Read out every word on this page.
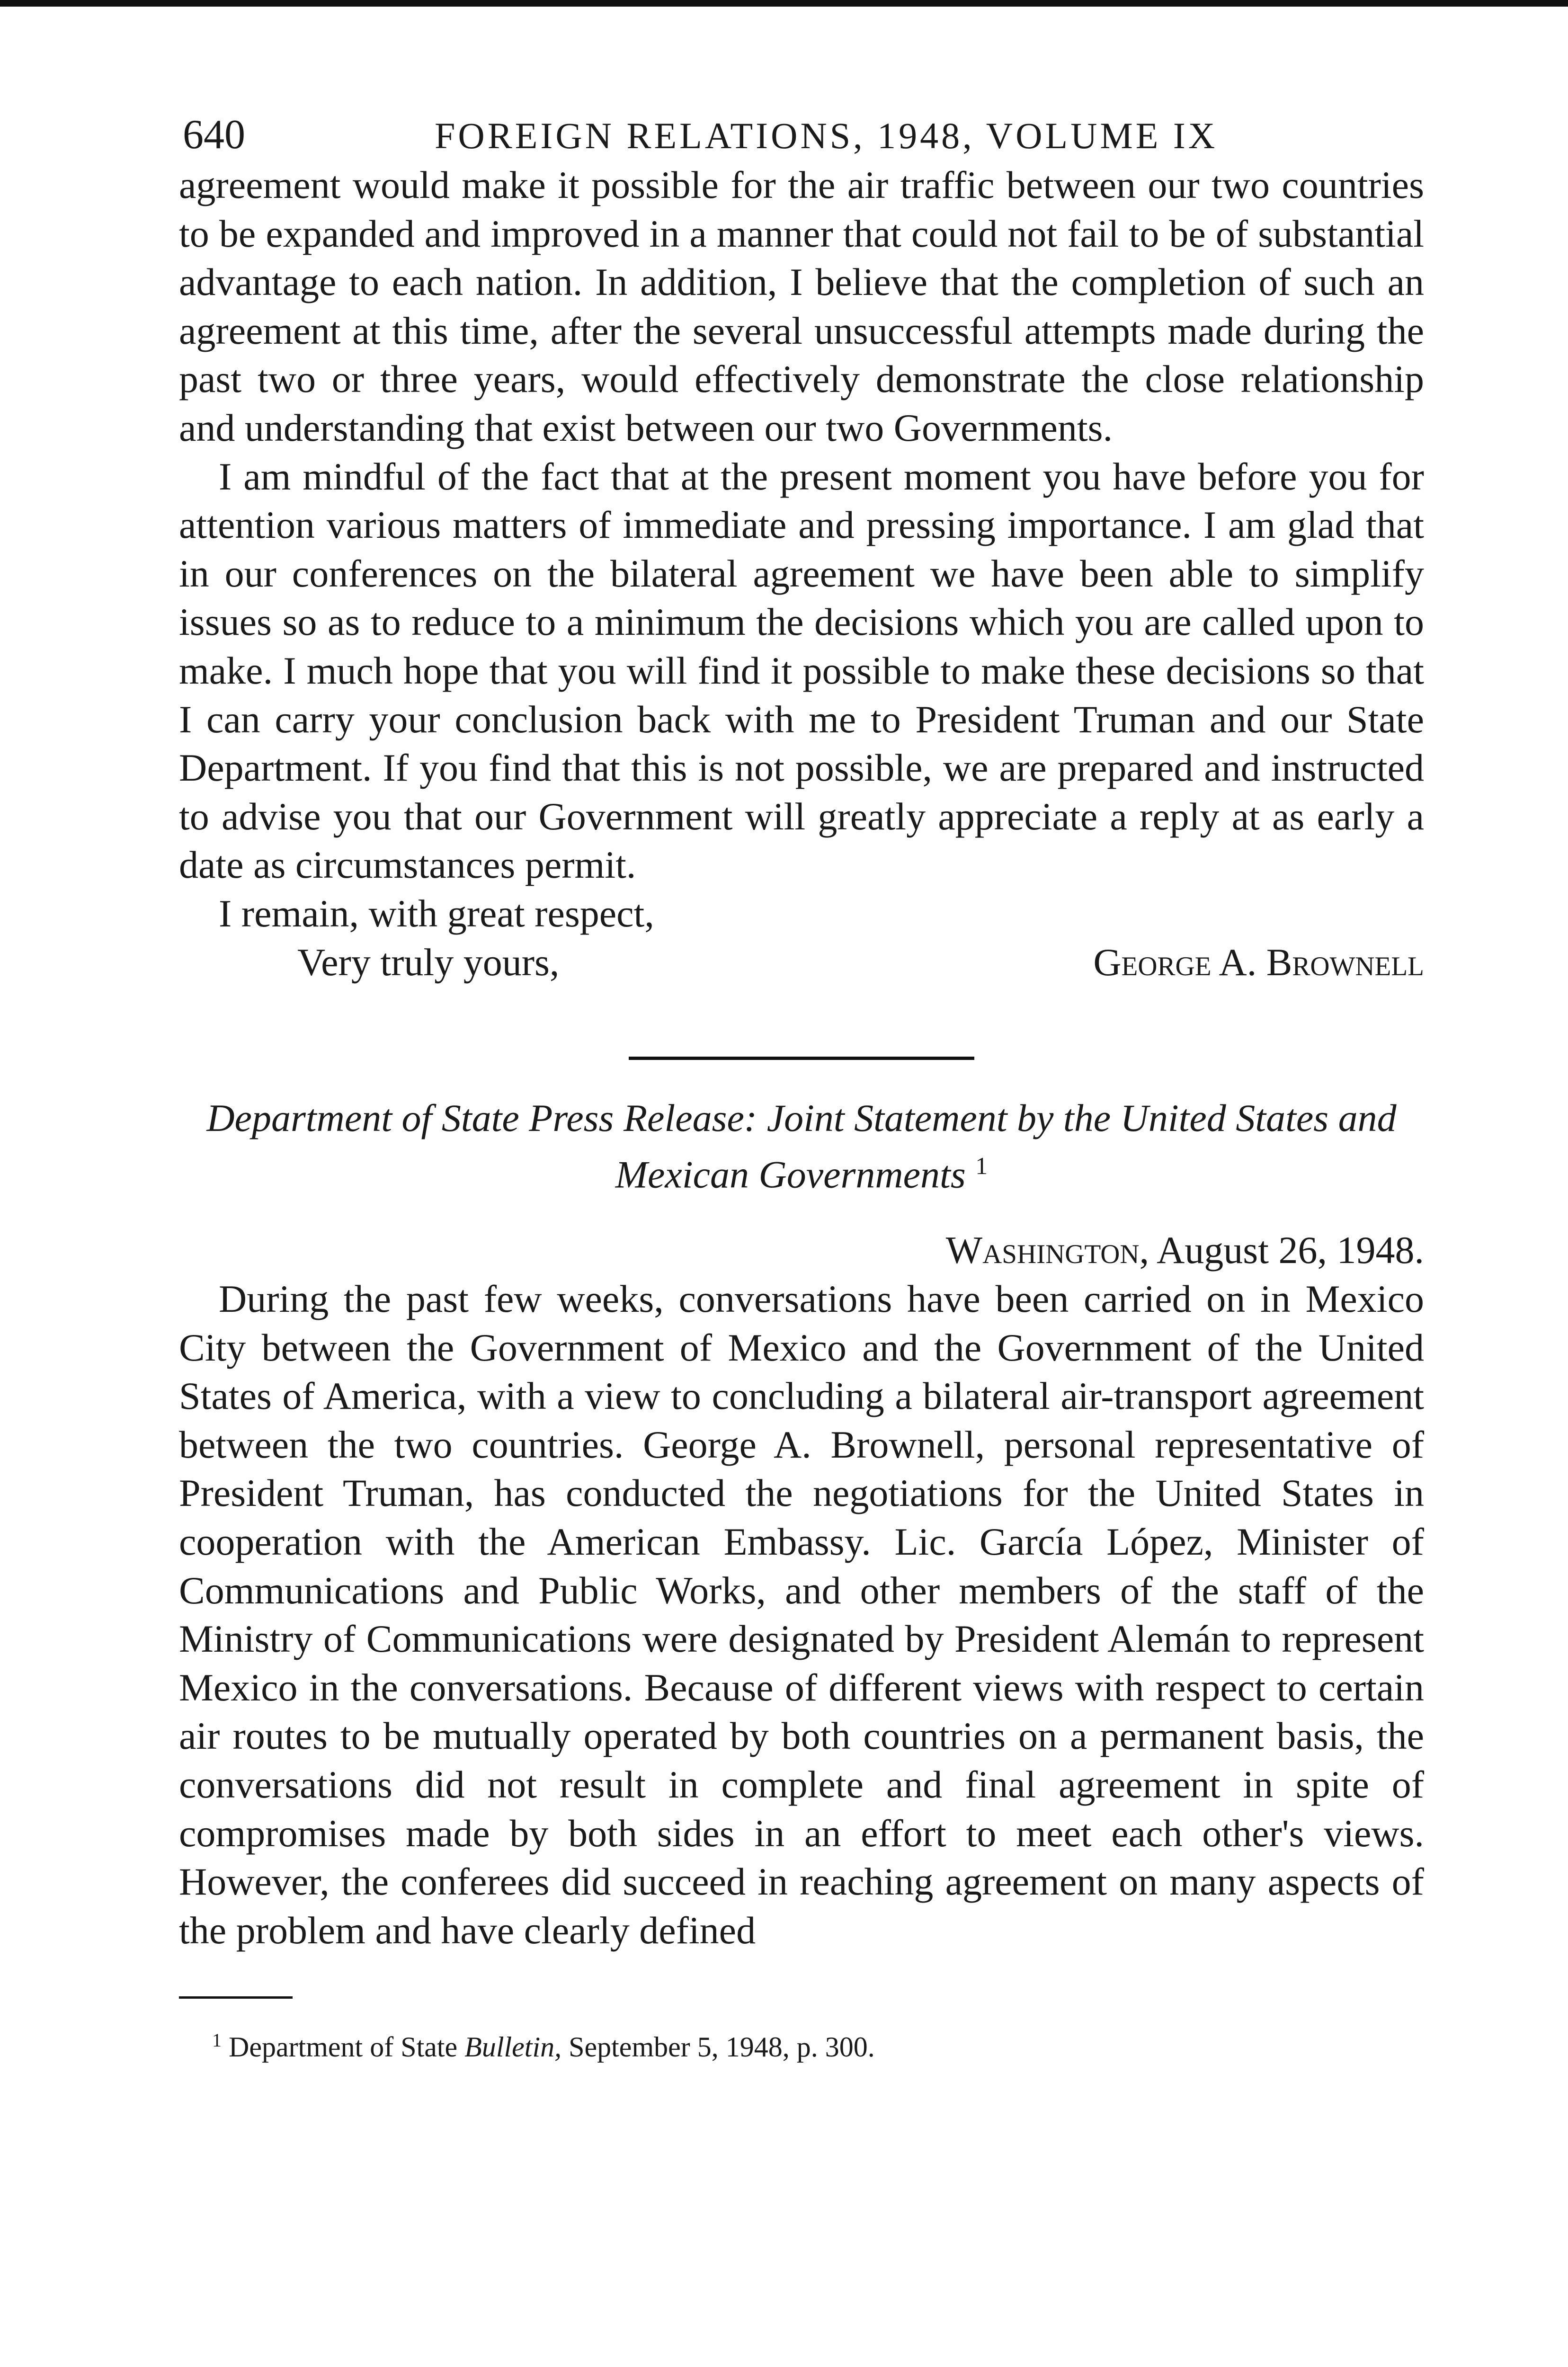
640	FOREIGN RELATIONS, 1948, VOLUME IX

agreement would make it possible for the air traffic between our two countries to be expanded and improved in a manner that could not fail to be of substantial advantage to each nation. In addition, I believe that the completion of such an agreement at this time, after the several unsuccessful attempts made during the past two or three years, would effectively demonstrate the close relationship and understanding that exist between our two Governments.

I am mindful of the fact that at the present moment you have before you for attention various matters of immediate and pressing importance. I am glad that in our conferences on the bilateral agreement we have been able to simplify issues so as to reduce to a minimum the decisions which you are called upon to make. I much hope that you will find it possible to make these decisions so that I can carry your conclusion back with me to President Truman and our State Department. If you find that this is not possible, we are prepared and instructed to advise you that our Government will greatly appreciate a reply at as early a date as circumstances permit.

I remain, with great respect,
Very truly yours,	George A. Brownell
Department of State Press Release: Joint Statement by the United States and Mexican Governments $^1$
Washington, August 26, 1948.

During the past few weeks, conversations have been carried on in Mexico City between the Government of Mexico and the Government of the United States of America, with a view to concluding a bilateral air-transport agreement between the two countries. George A. Brownell, personal representative of President Truman, has conducted the negotiations for the United States in cooperation with the American Embassy. Lic. García López, Minister of Communications and Public Works, and other members of the staff of the Ministry of Communications were designated by President Alemán to represent Mexico in the conversations. Because of different views with respect to certain air routes to be mutually operated by both countries on a permanent basis, the conversations did not result in complete and final agreement in spite of compromises made by both sides in an effort to meet each other's views. However, the conferees did succeed in reaching agreement on many aspects of the problem and have clearly defined

$^1$ Department of State Bulletin, September 5, 1948, p. 300.
